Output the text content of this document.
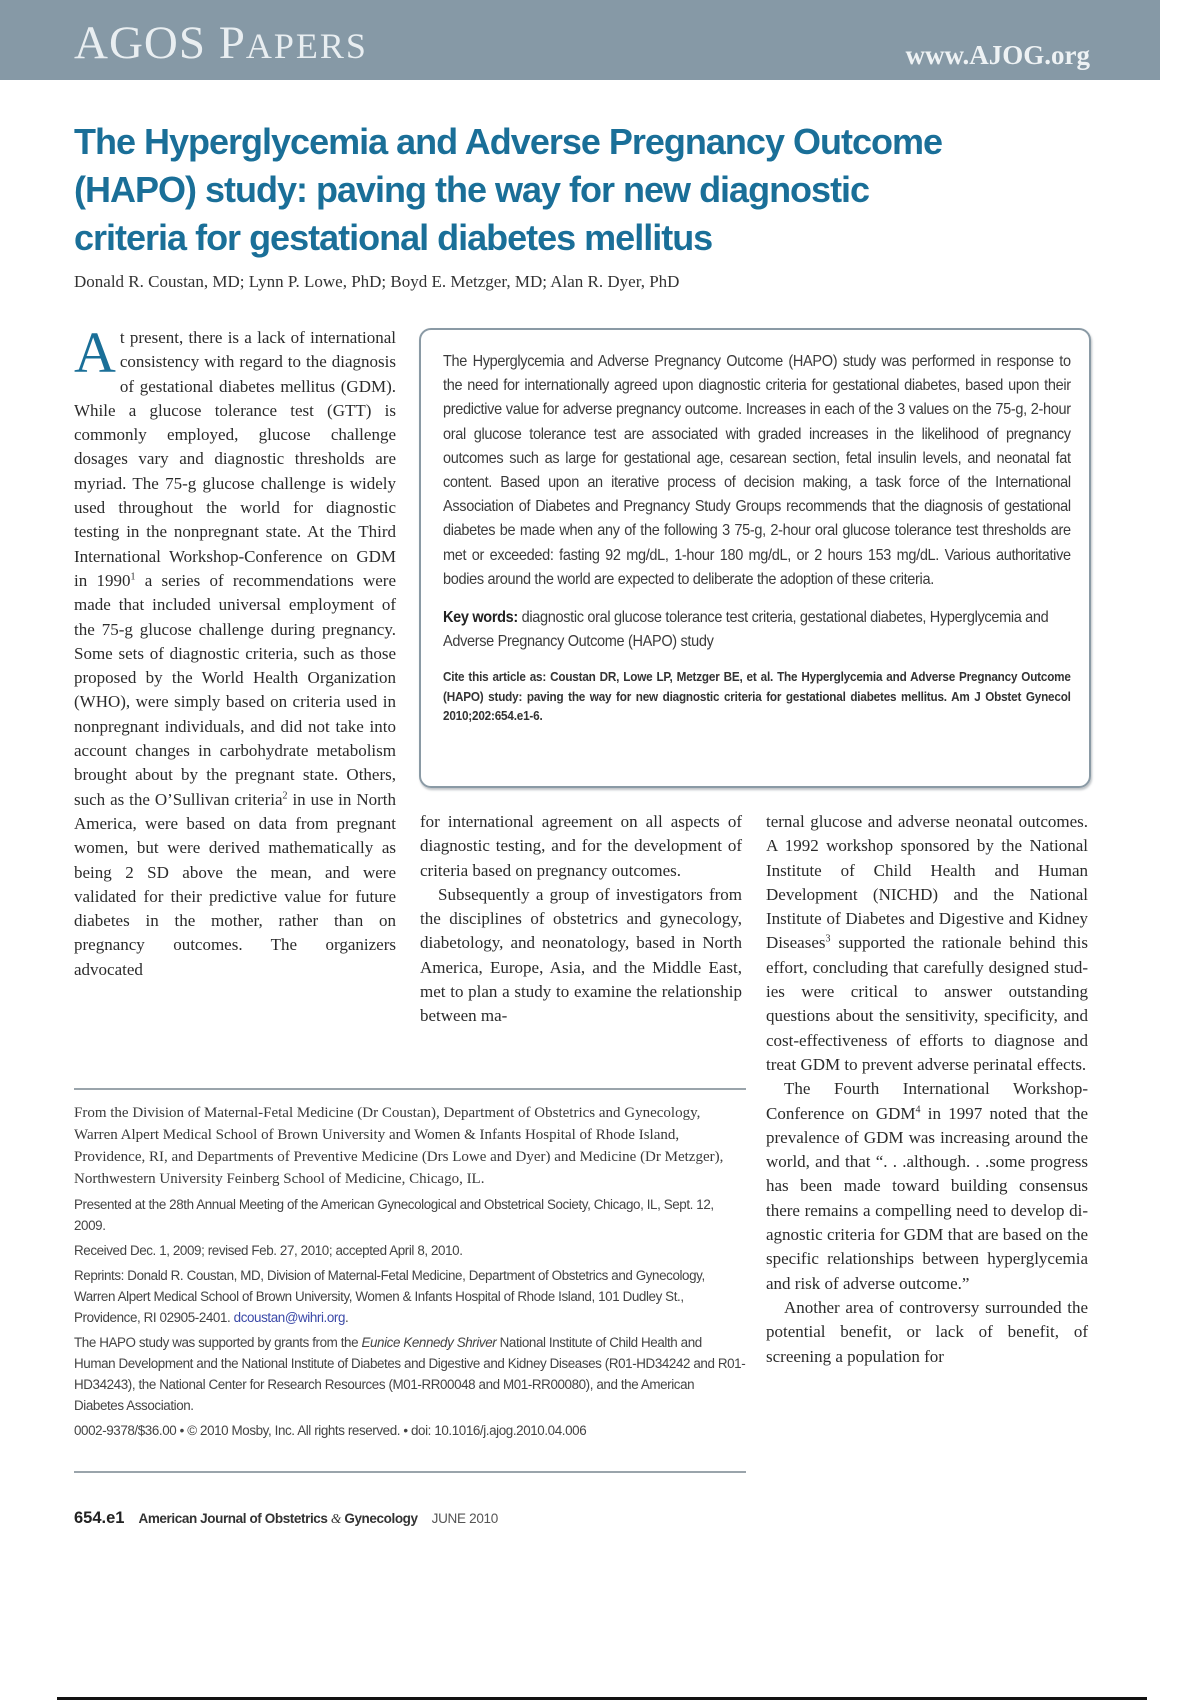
AGOS PAPERS	www.AJOG.org
The Hyperglycemia and Adverse Pregnancy Outcome (HAPO) study: paving the way for new diagnostic criteria for gestational diabetes mellitus
Donald R. Coustan, MD; Lynn P. Lowe, PhD; Boyd E. Metzger, MD; Alan R. Dyer, PhD

At present, there is a lack of international consistency with regard to the diagnosis of gestational diabetes mellitus (GDM). While a glucose tolerance test (GTT) is commonly employed, glucose challenge dosages vary and diagnostic thresholds are myriad. The 75-g glucose challenge is widely used throughout the world for diagnostic testing in the nonpregnant state. At the Third International Workshop-Conference on GDM in 1990$^1$ a series of recommendations were made that included universal employment of the 75-g glucose challenge during pregnancy. Some sets of diagnostic criteria, such as those proposed by the World Health Organization (WHO), were simply based on criteria used in nonpregnant individuals, and did not take into account changes in carbohydrate metabolism brought about by the pregnant state. Others, such as the O’Sullivan criteria$^2$ in use in North America, were based on data from pregnant women, but were derived mathematically as being 2 SD above the mean, and were validated for their predictive value for future diabetes in the mother, rather than on pregnancy outcomes. The organizers advocated

The Hyperglycemia and Adverse Pregnancy Outcome (HAPO) study was performed in response to the need for internationally agreed upon diagnostic criteria for gestational diabetes, based upon their predictive value for adverse pregnancy outcome. Increases in each of the 3 values on the 75-g, 2-hour oral glucose tolerance test are associated with graded increases in the likelihood of pregnancy outcomes such as large for gestational age, cesarean section, fetal insulin levels, and neonatal fat content. Based upon an iterative process of decision making, a task force of the International Association of Diabetes and Pregnancy Study Groups recommends that the diagnosis of gestational diabetes be made when any of the following 3 75-g, 2-hour oral glucose tolerance test thresholds are met or exceeded: fasting 92 mg/dL, 1-hour 180 mg/dL, or 2 hours 153 mg/dL. Various authoritative bodies around the world are expected to deliberate the adoption of these criteria.
Key words: diagnostic oral glucose tolerance test criteria, gestational diabetes, Hyperglycemia and Adverse Pregnancy Outcome (HAPO) study
Cite this article as: Coustan DR, Lowe LP, Metzger BE, et al. The Hyperglycemia and Adverse Pregnancy Outcome (HAPO) study: paving the way for new diagnostic criteria for gestational diabetes mellitus. Am J Obstet Gynecol 2010;202:654.e1-6.

for international agreement on all aspects of diagnostic testing, and for the development of criteria based on pregnancy outcomes.

Subsequently a group of investigators from the disciplines of obstetrics and gynecology, diabetology, and neonatology, based in North America, Europe, Asia, and the Middle East, met to plan a study to examine the relationship between ma-

ternal glucose and adverse neonatal outcomes. A 1992 workshop sponsored by the National Institute of Child Health and Human Development (NICHD) and the National Institute of Diabetes and Digestive and Kidney Diseases$^3$ supported the rationale behind this effort, concluding that carefully designed studies were critical to answer outstanding questions about the sensitivity, specificity, and cost-effectiveness of efforts to diagnose and treat GDM to prevent adverse perinatal effects.

The Fourth International Workshop-Conference on GDM$^4$ in 1997 noted that the prevalence of GDM was increasing around the world, and that “. . .although. . .some progress has been made toward building consensus there remains a compelling need to develop diagnostic criteria for GDM that are based on the specific relationships between hyperglycemia and risk of adverse outcome.”

Another area of controversy surrounded the potential benefit, or lack of benefit, of screening a population for

From the Division of Maternal-Fetal Medicine (Dr Coustan), Department of Obstetrics and Gynecology, Warren Alpert Medical School of Brown University and Women & Infants Hospital of Rhode Island, Providence, RI, and Departments of Preventive Medicine (Drs Lowe and Dyer) and Medicine (Dr Metzger), Northwestern University Feinberg School of Medicine, Chicago, IL.
Presented at the 28th Annual Meeting of the American Gynecological and Obstetrical Society, Chicago, IL, Sept. 12, 2009.
Received Dec. 1, 2009; revised Feb. 27, 2010; accepted April 8, 2010.
Reprints: Donald R. Coustan, MD, Division of Maternal-Fetal Medicine, Department of Obstetrics and Gynecology, Warren Alpert Medical School of Brown University, Women & Infants Hospital of Rhode Island, 101 Dudley St., Providence, RI 02905-2401. dcoustan@wihri.org.
The HAPO study was supported by grants from the Eunice Kennedy Shriver National Institute of Child Health and Human Development and the National Institute of Diabetes and Digestive and Kidney Diseases (R01-HD34242 and R01-HD34243), the National Center for Research Resources (M01-RR00048 and M01-RR00080), and the American Diabetes Association.
0002-9378/$36.00 • © 2010 Mosby, Inc. All rights reserved. • doi: 10.1016/j.ajog.2010.04.006
654.e1 American Journal of Obstetrics & Gynecology JUNE 2010
